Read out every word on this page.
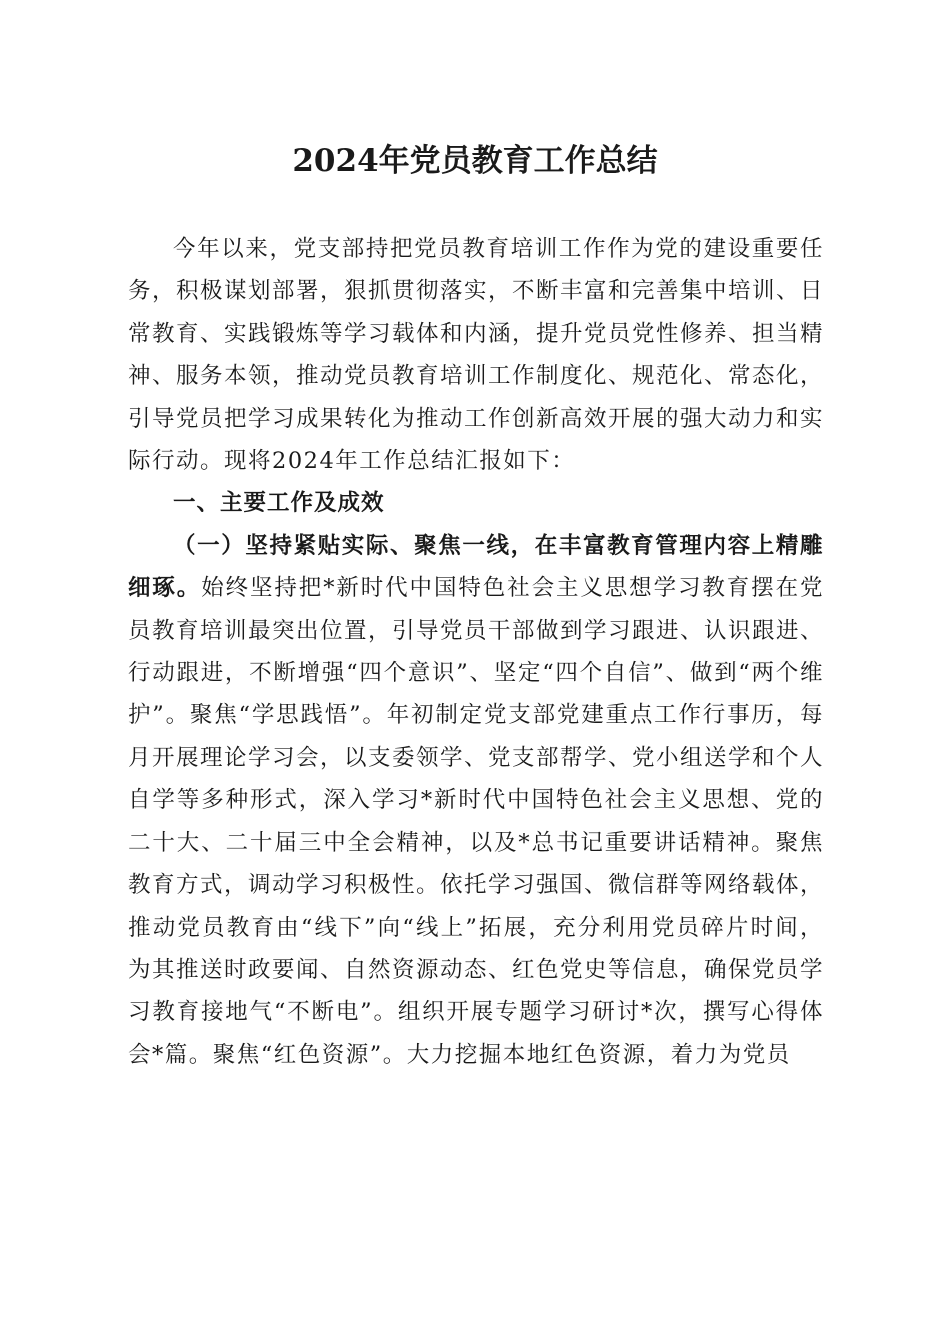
2024年党员教育工作总结

今年以来，党支部持把党员教育培训工作作为党的建设重要任务，积极谋划部署，狠抓贯彻落实，不断丰富和完善集中培训、日常教育、实践锻炼等学习载体和内涵，提升党员党性修养、担当精神、服务本领，推动党员教育培训工作制度化、规范化、常态化，引导党员把学习成果转化为推动工作创新高效开展的强大动力和实际行动。现将2024年工作总结汇报如下：

一、主要工作及成效

（一）坚持紧贴实际、聚焦一线，在丰富教育管理内容上精雕细琢。始终坚持把*新时代中国特色社会主义思想学习教育摆在党员教育培训最突出位置，引导党员干部做到学习跟进、认识跟进、行动跟进，不断增强“四个意识”、坚定“四个自信”、做到“两个维护”。聚焦“学思践悟”。年初制定党支部党建重点工作行事历，每月开展理论学习会，以支委领学、党支部帮学、党小组送学和个人自学等多种形式，深入学习*新时代中国特色社会主义思想、党的二十大、二十届三中全会精神，以及*总书记重要讲话精神。聚焦教育方式，调动学习积极性。依托学习强国、微信群等网络载体，推动党员教育由“线下”向“线上”拓展，充分利用党员碎片时间，为其推送时政要闻、自然资源动态、红色党史等信息，确保党员学习教育接地气“不断电”。组织开展专题学习研讨*次，撰写心得体会*篇。聚焦“红色资源”。大力挖掘本地红色资源，着力为党员
